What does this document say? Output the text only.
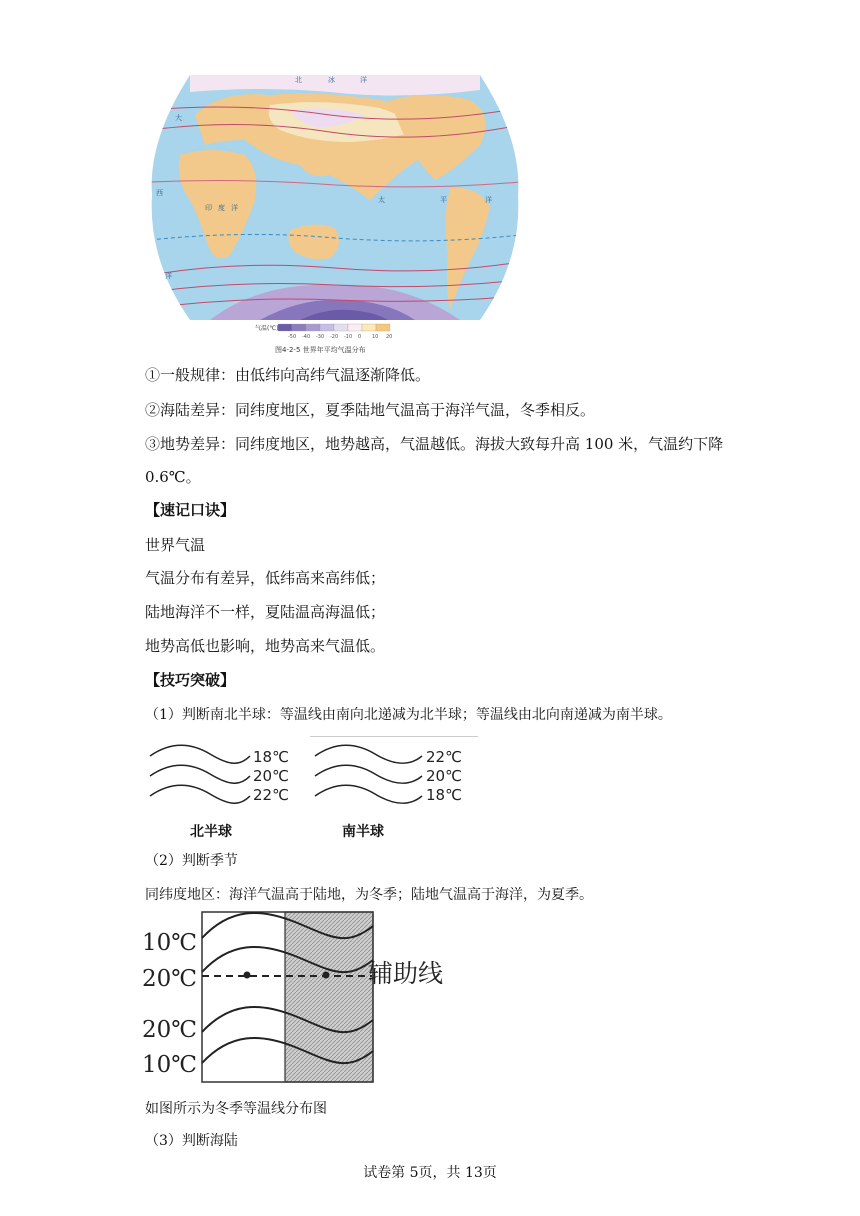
北	冰	洋
大
太	平	洋
印 度 洋
西
洋
气温(℃)
-50 -40 -30 -20 -10 0 10 20
图4-2-5 世界年平均气温分布
①一般规律：由低纬向高纬气温逐渐降低。
②海陆差异：同纬度地区，夏季陆地气温高于海洋气温，冬季相反。
③地势差异：同纬度地区，地势越高，气温越低。海拔大致每升高 100 米，气温约下降
0.6℃。
【速记口诀】
世界气温
气温分布有差异，低纬高来高纬低；
陆地海洋不一样，夏陆温高海温低；
地势高低也影响，地势高来气温低。
【技巧突破】
（1）判断南北半球：等温线由南向北递减为北半球；等温线由北向南递减为南半球。
18℃
20℃
22℃
22℃
20℃
18℃
北半球	南半球
（2）判断季节
同纬度地区：海洋气温高于陆地，为冬季；陆地气温高于海洋，为夏季。
10℃
20℃
20℃
10℃
辅助线
如图所示为冬季等温线分布图
（3）判断海陆
试卷第 5页，共 13页
